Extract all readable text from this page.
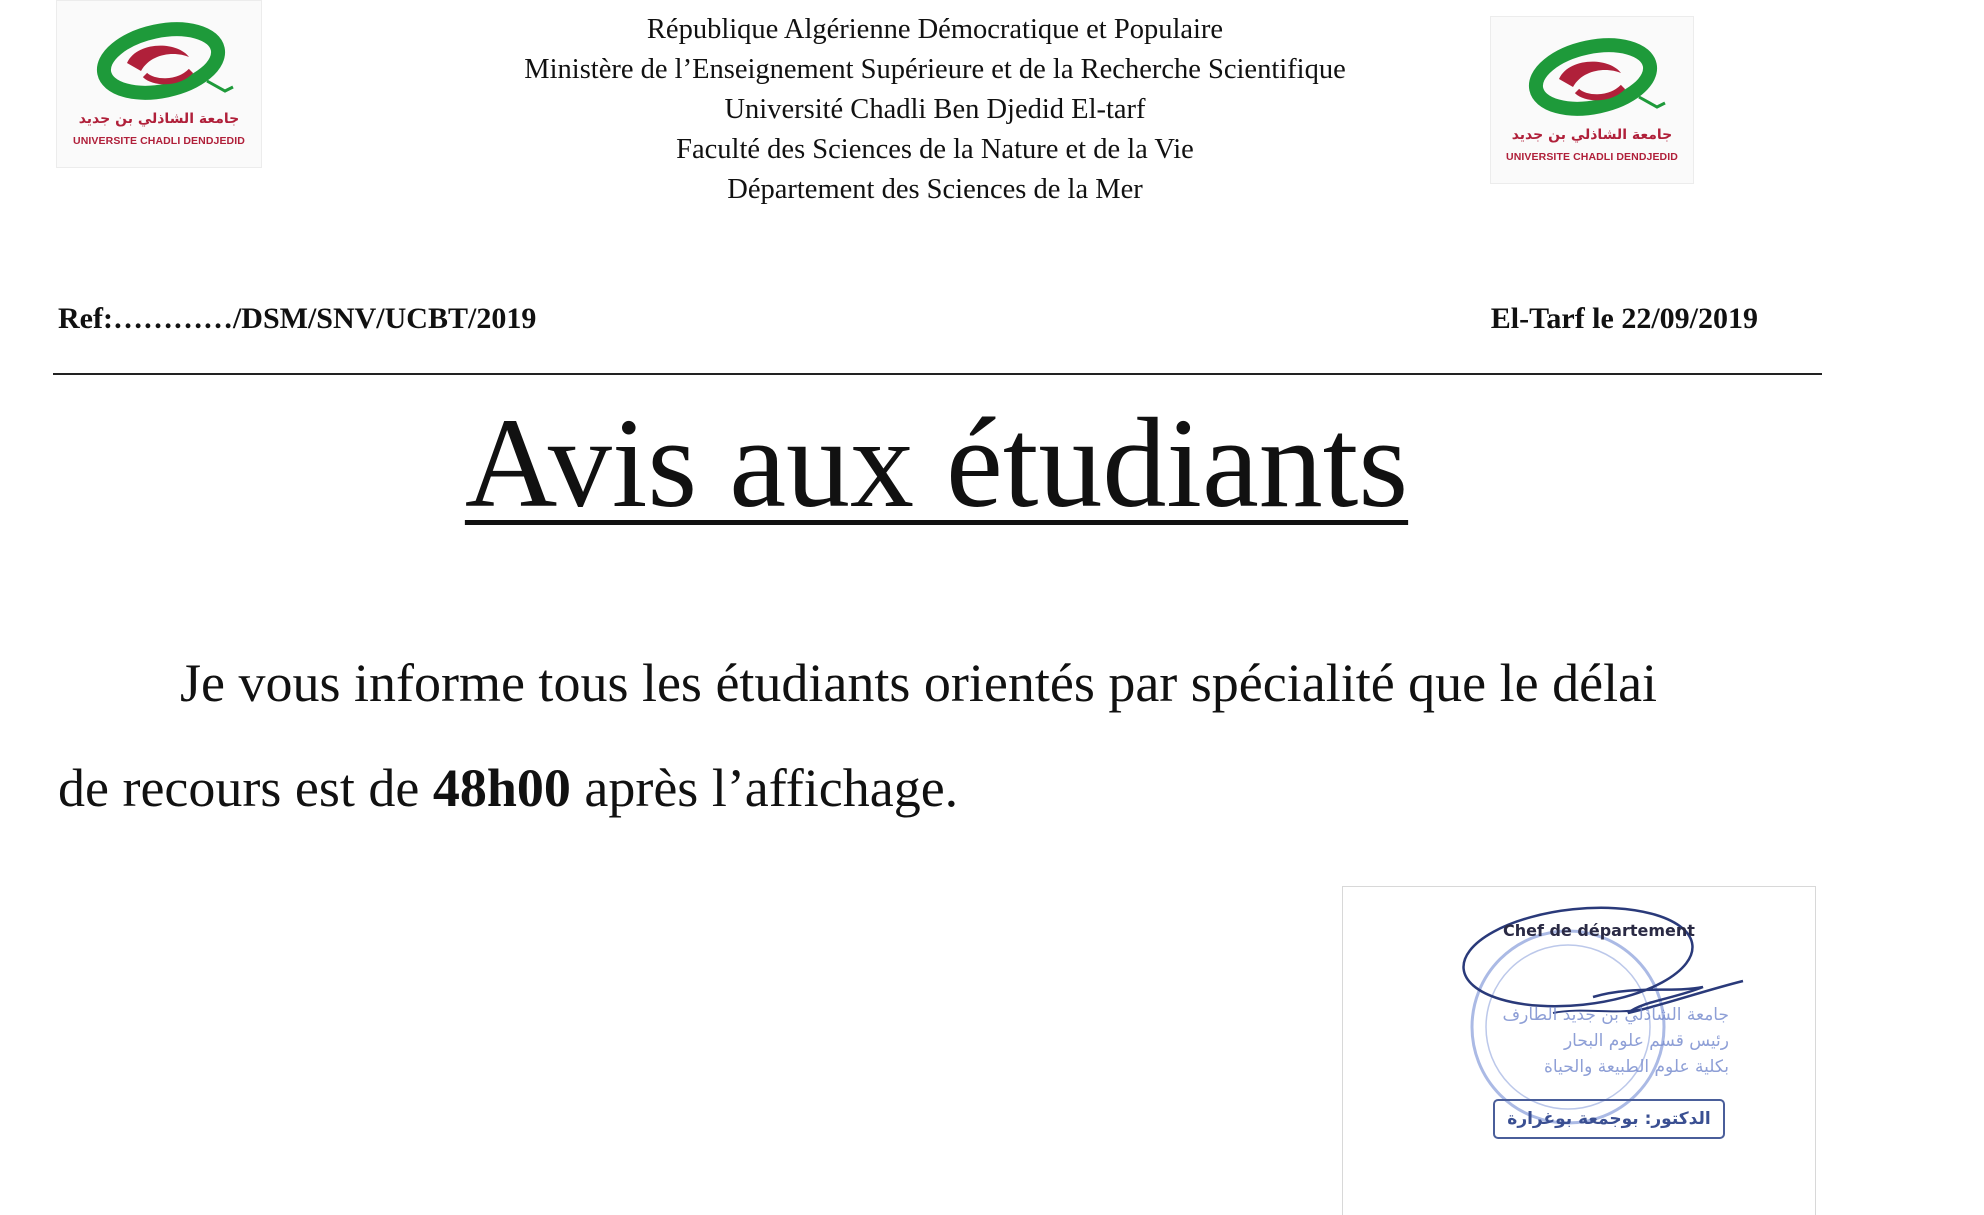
جامعة الشاذلي بن جديد
UNIVERSITE CHADLI DENDJEDID	جامعة الشاذلي بن جديد
UNIVERSITE CHADLI DENDJEDID
République Algérienne Démocratique et Populaire
Ministère de l’Enseignement Supérieure et de la Recherche Scientifique
Université Chadli Ben Djedid El-tarf
Faculté des Sciences de la Nature et de la Vie
Département des Sciences de la Mer
Ref:…………/DSM/SNV/UCBT/2019	El-Tarf le 22/09/2019
Avis aux étudiants
Je vous informe tous les étudiants orientés par spécialité que le délai
de recours est de 48h00 après l’affichage.
Chef de département
جامعة الشاذلي بن جديد الطارف
رئيس قسم علوم البحار
بكلية علوم الطبيعة والحياة
الدكتور: بوجمعة بوغرارة
